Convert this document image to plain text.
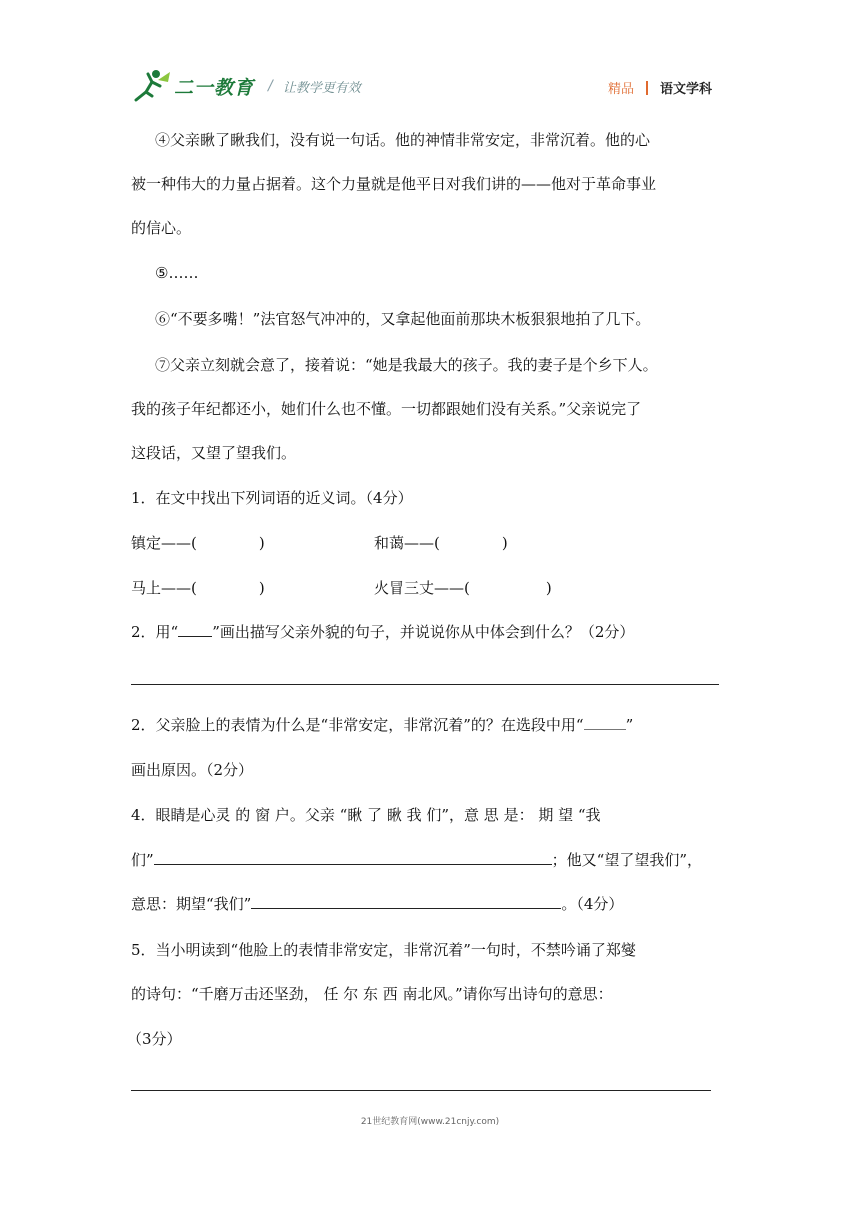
二一教育 / 让教学更有效	精品 语文学科
④父亲瞅了瞅我们，没有说一句话。他的神情非常安定，非常沉着。他的心
被一种伟大的力量占据着。这个力量就是他平日对我们讲的——他对于革命事业
的信心。
⑤……
⑥“不要多嘴！”法官怒气冲冲的，又拿起他面前那块木板狠狠地拍了几下。
⑦父亲立刻就会意了，接着说：“她是我最大的孩子。我的妻子是个乡下人。
我的孩子年纪都还小，她们什么也不懂。一切都跟她们没有关系。”父亲说完了
这段话，又望了望我们。
1．在文中找出下列词语的近义词。（4分）
镇定——(	)	和蔼——(	)
马上——(	)	火冒三丈——(	)
2．用“ ”画出描写父亲外貌的句子，并说说你从中体会到什么？（2分）
2．父亲脸上的表情为什么是“非常安定，非常沉着”的？在选段中用“	”
画出原因。（2分）
4．眼睛是心灵 的 窗 户。父亲 “瞅 了 瞅 我 们”，意 思 是： 期 望 “我
们”	；他又“望了望我们”，
意思：期望“我们”	。（4分）
5．当小明读到“他脸上的表情非常安定，非常沉着”一句时，不禁吟诵了郑燮
的诗句：“千磨万击还坚劲， 任 尔 东 西 南北风。”请你写出诗句的意思：
（3分）
21世纪教育网(www.21cnjy.com)
